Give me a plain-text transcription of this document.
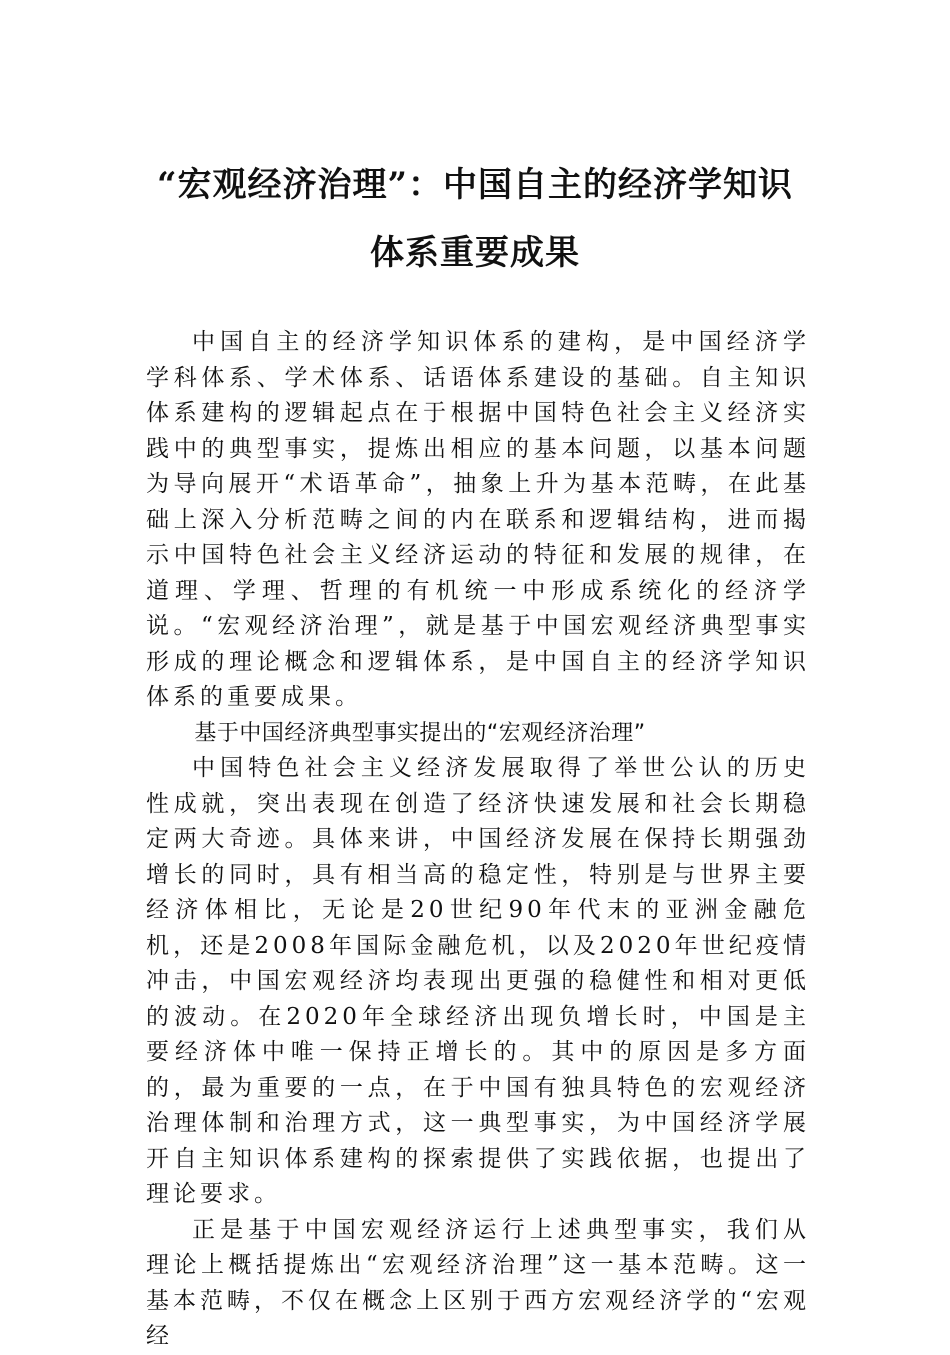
“宏观经济治理”：中国自主的经济学知识
体系重要成果

中国自主的经济学知识体系的建构，是中国经济学学科体系、学术体系、话语体系建设的基础。自主知识体系建构的逻辑起点在于根据中国特色社会主义经济实践中的典型事实，提炼出相应的基本问题，以基本问题为导向展开“术语革命”，抽象上升为基本范畴，在此基础上深入分析范畴之间的内在联系和逻辑结构，进而揭示中国特色社会主义经济运动的特征和发展的规律，在道理、学理、哲理的有机统一中形成系统化的经济学说。“宏观经济治理”，就是基于中国宏观经济典型事实形成的理论概念和逻辑体系，是中国自主的经济学知识体系的重要成果。

基于中国经济典型事实提出的“宏观经济治理”

中国特色社会主义经济发展取得了举世公认的历史性成就，突出表现在创造了经济快速发展和社会长期稳定两大奇迹。具体来讲，中国经济发展在保持长期强劲增长的同时，具有相当高的稳定性，特别是与世界主要经济体相比，无论是20世纪90年代末的亚洲金融危机，还是2008年国际金融危机，以及2020年世纪疫情冲击，中国宏观经济均表现出更强的稳健性和相对更低的波动。在2020年全球经济出现负增长时，中国是主要经济体中唯一保持正增长的。其中的原因是多方面的，最为重要的一点，在于中国有独具特色的宏观经济治理体制和治理方式，这一典型事实，为中国经济学展开自主知识体系建构的探索提供了实践依据，也提出了理论要求。

正是基于中国宏观经济运行上述典型事实，我们从理论上概括提炼出“宏观经济治理”这一基本范畴。这一基本范畴，不仅在概念上区别于西方宏观经济学的“宏观经
